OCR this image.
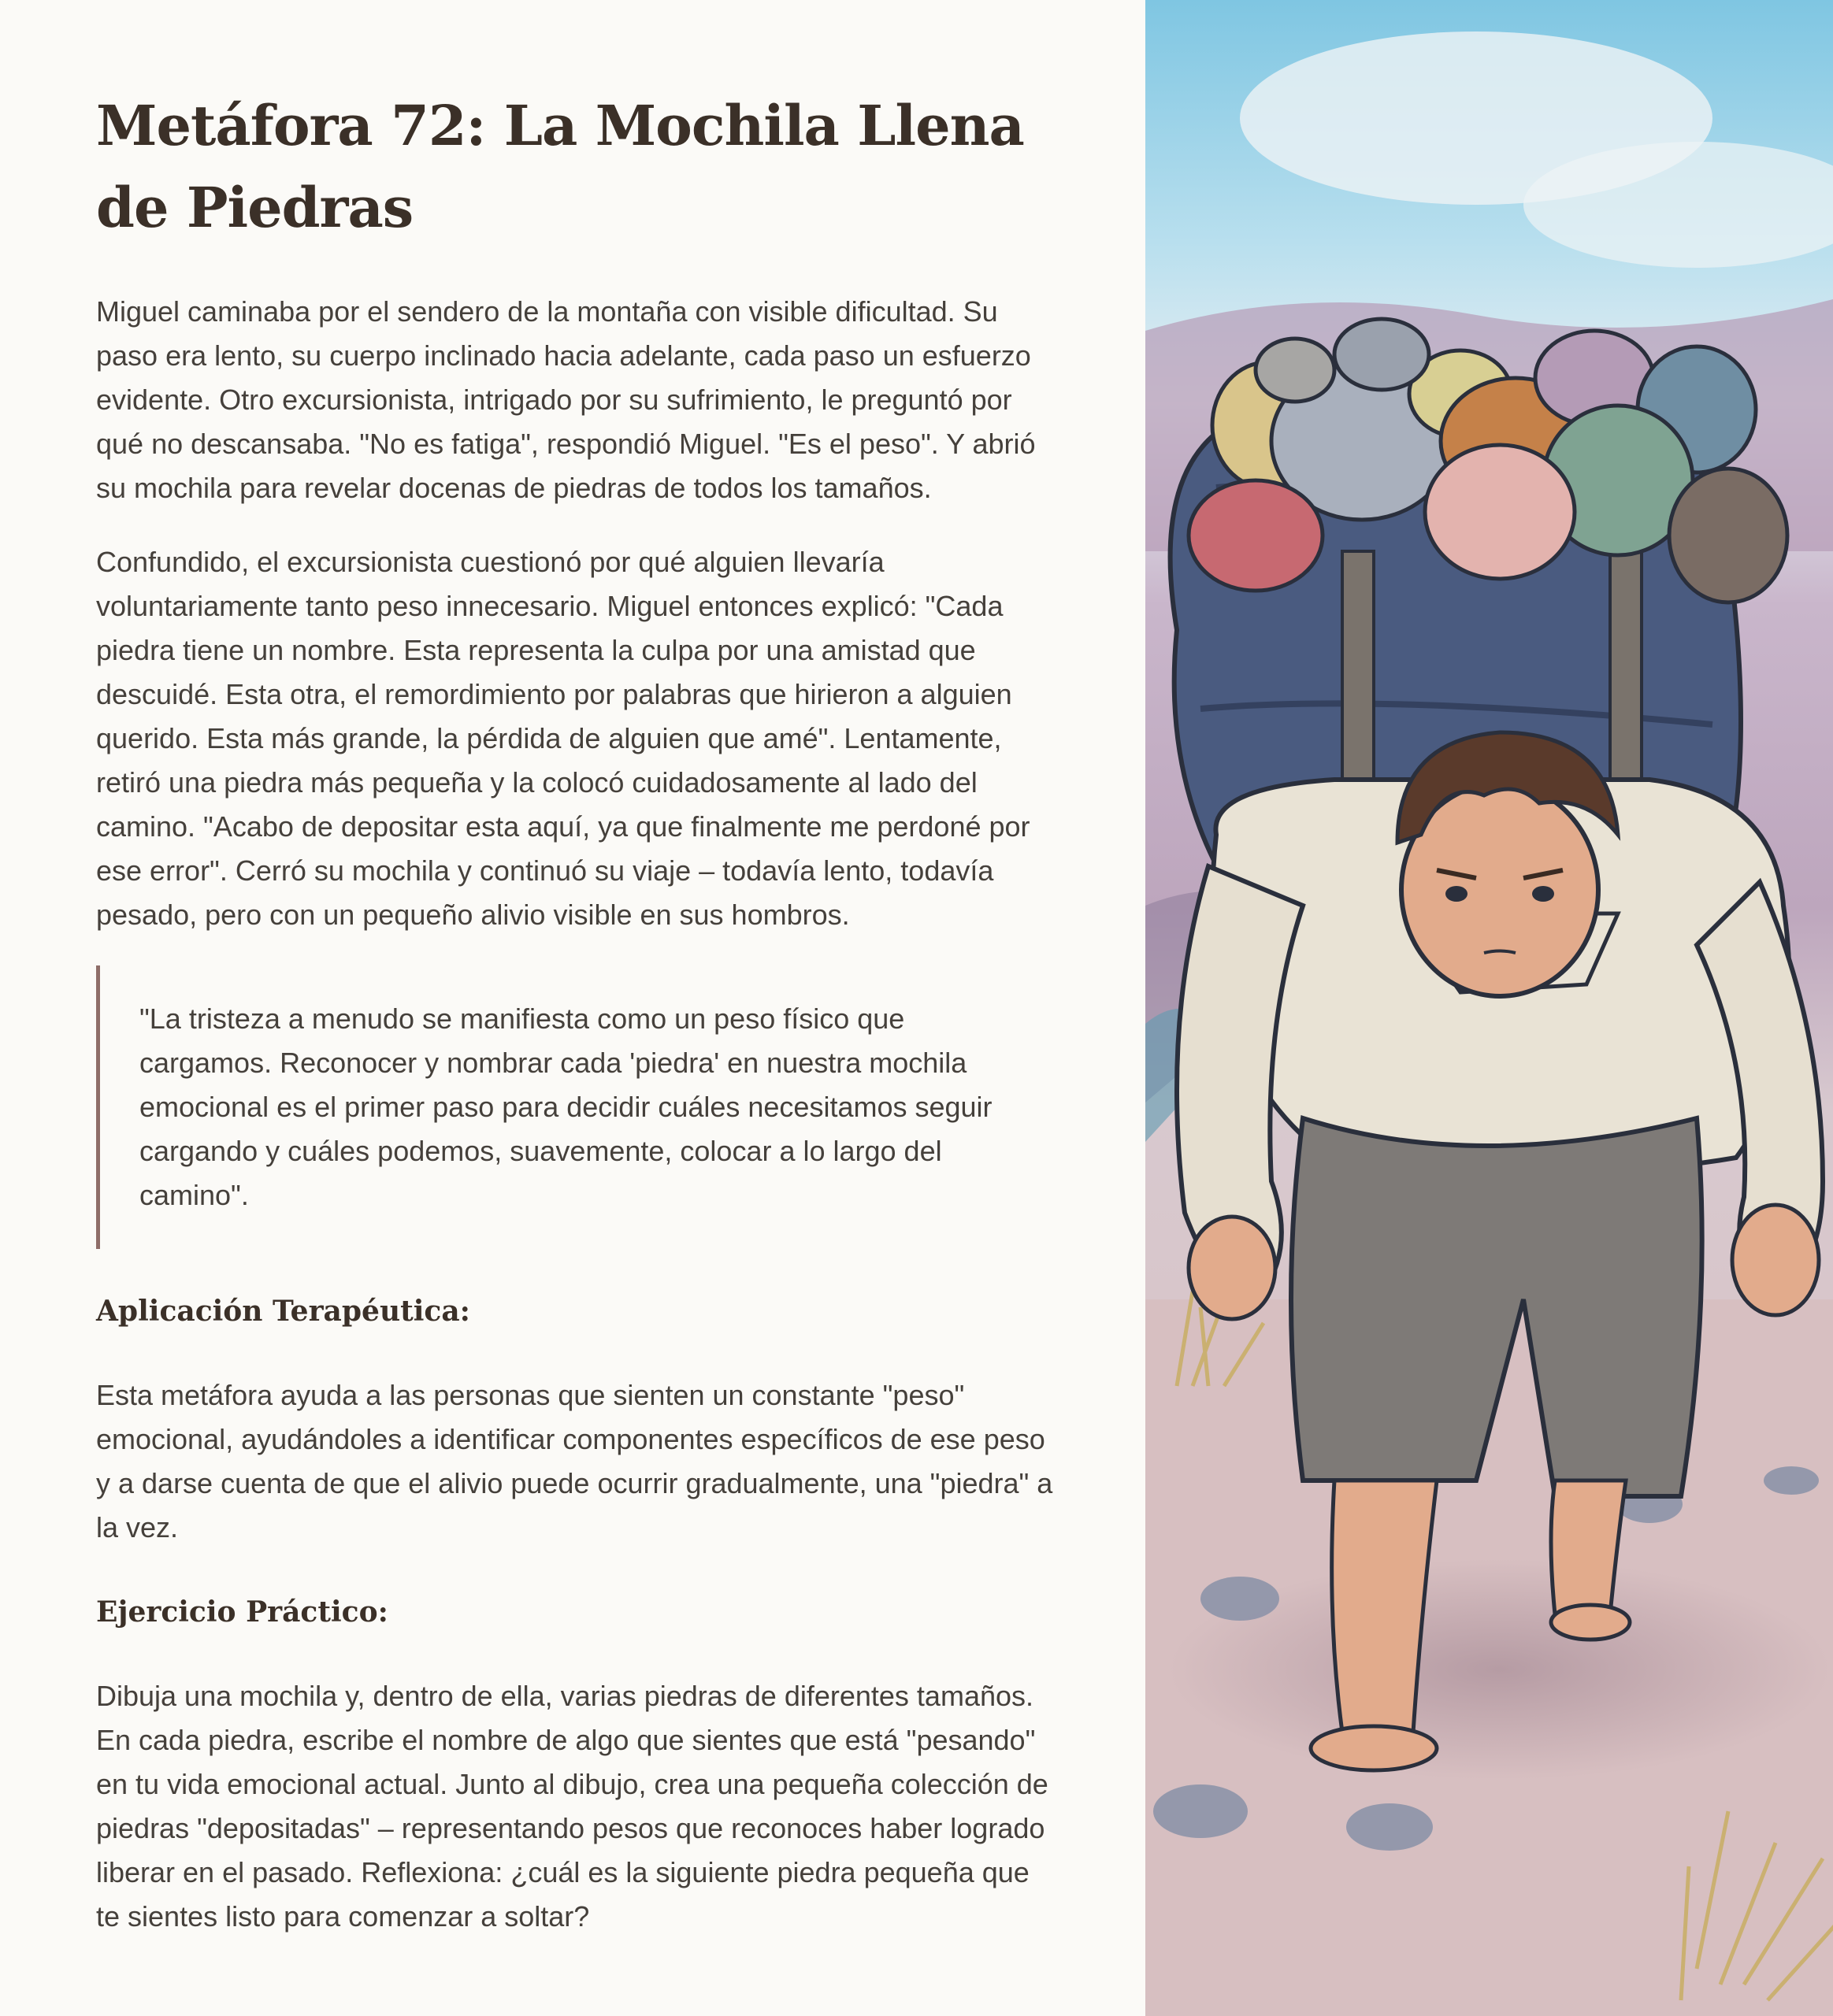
Metáfora 72: La Mochila Llena de Piedras

Miguel caminaba por el sendero de la montaña con visible dificultad. Su paso era lento, su cuerpo inclinado hacia adelante, cada paso un esfuerzo evidente. Otro excursionista, intrigado por su sufrimiento, le preguntó por qué no descansaba. "No es fatiga", respondió Miguel. "Es el peso". Y abrió su mochila para revelar docenas de piedras de todos los tamaños.

Confundido, el excursionista cuestionó por qué alguien llevaría voluntariamente tanto peso innecesario. Miguel entonces explicó: "Cada piedra tiene un nombre. Esta representa la culpa por una amistad que descuidé. Esta otra, el remordimiento por palabras que hirieron a alguien querido. Esta más grande, la pérdida de alguien que amé". Lentamente, retiró una piedra más pequeña y la colocó cuidadosamente al lado del camino. "Acabo de depositar esta aquí, ya que finalmente me perdoné por ese error". Cerró su mochila y continuó su viaje – todavía lento, todavía pesado, pero con un pequeño alivio visible en sus hombros.

"La tristeza a menudo se manifiesta como un peso físico que cargamos. Reconocer y nombrar cada 'piedra' en nuestra mochila emocional es el primer paso para decidir cuáles necesitamos seguir cargando y cuáles podemos, suavemente, colocar a lo largo del camino".

Aplicación Terapéutica:

Esta metáfora ayuda a las personas que sienten un constante "peso" emocional, ayudándoles a identificar componentes específicos de ese peso y a darse cuenta de que el alivio puede ocurrir gradualmente, una "piedra" a la vez.

Ejercicio Práctico:

Dibuja una mochila y, dentro de ella, varias piedras de diferentes tamaños. En cada piedra, escribe el nombre de algo que sientes que está "pesando" en tu vida emocional actual. Junto al dibujo, crea una pequeña colección de piedras "depositadas" – representando pesos que reconoces haber logrado liberar en el pasado. Reflexiona: ¿cuál es la siguiente piedra pequeña que te sientes listo para comenzar a soltar?
